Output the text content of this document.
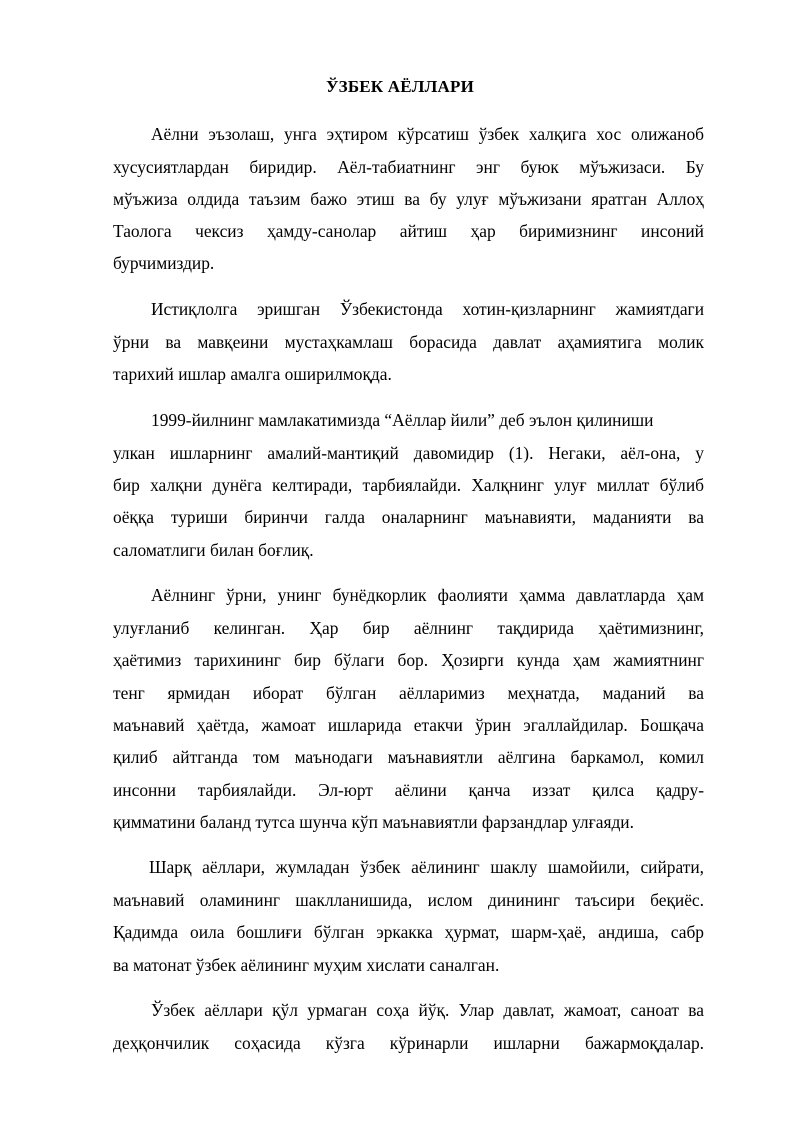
ЎЗБЕК АЁЛЛАРИ
Аёлни эъзолаш, унга эҳтиром кўрсатиш ўзбек халқига хос олижаноб
хусусиятлардан биридир. Аёл-табиатнинг энг буюк мўъжизаси. Бу
мўъжиза олдида таъзим бажо этиш ва бу улуғ мўъжизани яратган Аллоҳ
Таолога чексиз ҳамду-санолар айтиш ҳар биримизнинг инсоний
бурчимиздир.
Истиқлолга эришган Ўзбекистонда хотин-қизларнинг жамиятдаги
ўрни ва мавқеини мустаҳкамлаш борасида давлат аҳамиятига молик
тарихий ишлар амалга оширилмоқда.
1999-йилнинг мамлакатимизда “Аёллар йили” деб эълон қилиниши
улкан ишларнинг амалий-мантиқий давомидир (1). Негаки, аёл-она, у
бир халқни дунёга келтиради, тарбиялайди. Халқнинг улуғ миллат бўлиб
оёққа туриши биринчи галда оналарнинг маънавияти, маданияти ва
саломатлиги билан боғлиқ.
Аёлнинг ўрни, унинг бунёдкорлик фаолияти ҳамма давлатларда ҳам
улуғланиб келинган. Ҳар бир аёлнинг тақдирида ҳаётимизнинг,
ҳаётимиз тарихининг бир бўлаги бор. Ҳозирги кунда ҳам жамиятнинг
тенг ярмидан иборат бўлган аёлларимиз меҳнатда, маданий ва
маънавий ҳаётда, жамоат ишларида етакчи ўрин эгаллайдилар. Бошқача
қилиб айтганда том маънодаги маънавиятли аёлгина баркамол, комил
инсонни тарбиялайди. Эл-юрт аёлини қанча иззат қилса қадру-
қимматини баланд тутса шунча кўп маънавиятли фарзандлар улғаяди.
Шарқ аёллари, жумладан ўзбек аёлининг шаклу шамойили, сийрати,
маънавий оламининг шаклланишида, ислом динининг таъсири беқиёс.
Қадимда оила бошлиғи бўлган эркакка ҳурмат, шарм-ҳаё, андиша, сабр
ва матонат ўзбек аёлининг муҳим хислати саналган.
Ўзбек аёллари қўл урмаган соҳа йўқ. Улар давлат, жамоат, саноат ва
деҳқончилик соҳасида кўзга кўринарли ишларни бажармоқдалар.
